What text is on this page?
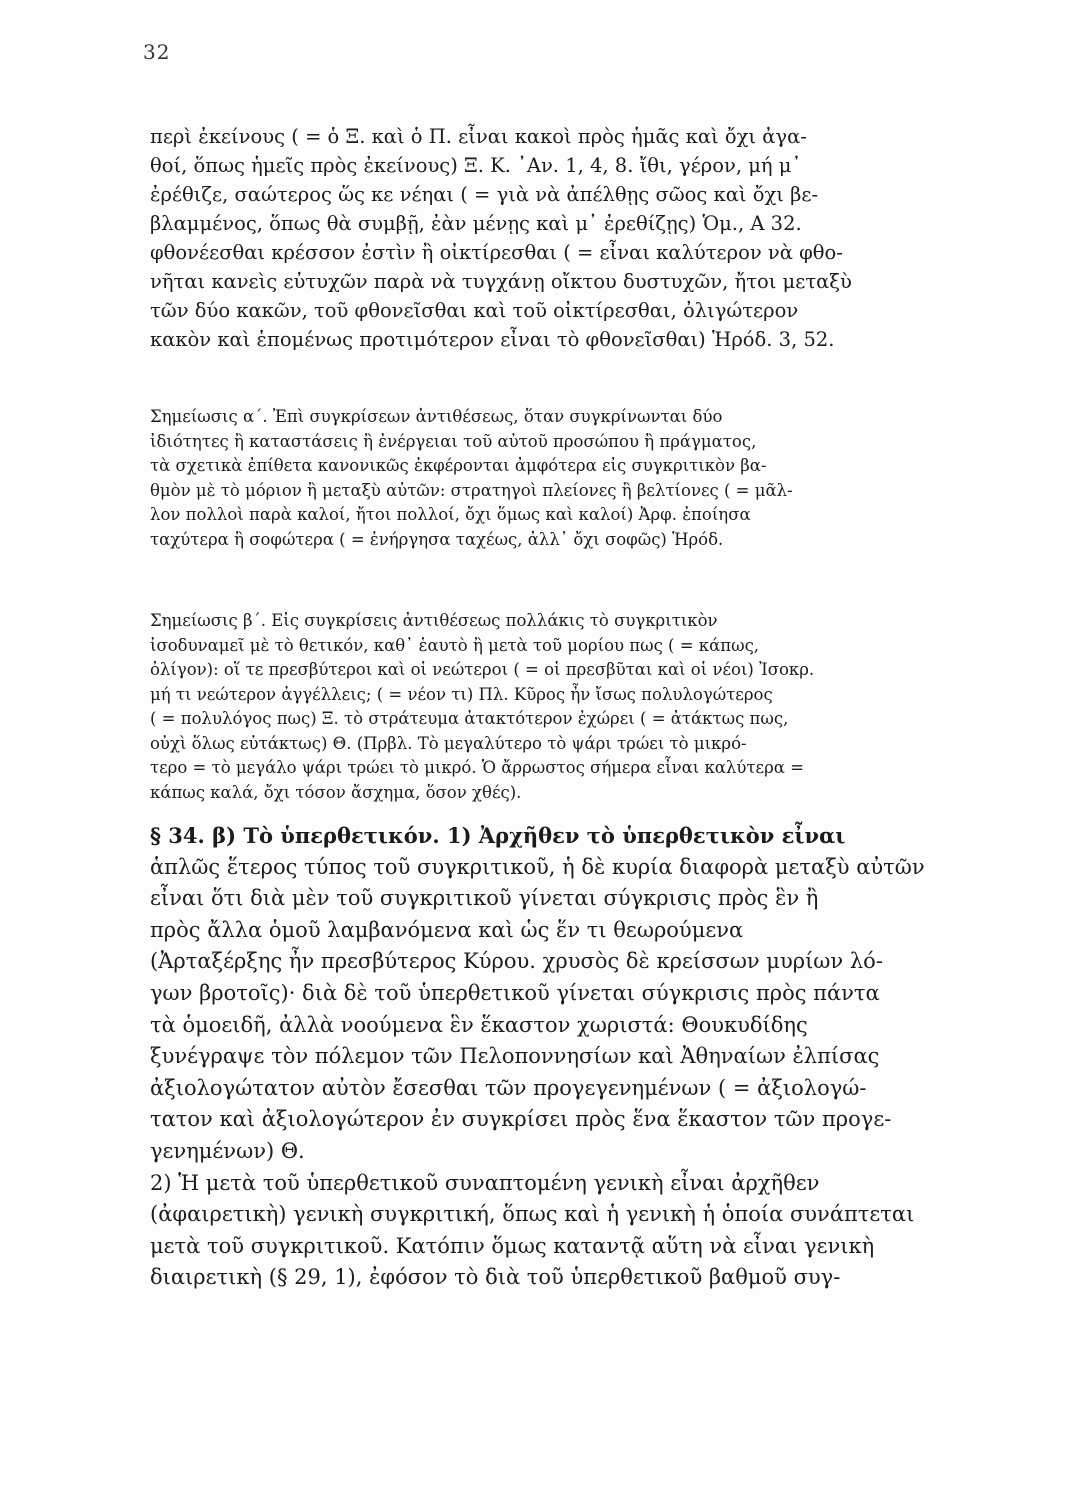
32
περὶ ἐκείνους ( = ὁ Ξ. καὶ ὁ Π. εἶναι κακοὶ πρὸς ἡμᾶς καὶ ὄχι ἀγα-
θοί, ὅπως ἡμεῖς πρὸς ἐκείνους) Ξ. Κ. ᾿Αν. 1, 4, 8. ἴθι, γέρον, μή μ᾽
ἐρέθιζε, σαώτερος ὥς κε νέηαι ( = γιὰ νὰ ἀπέλθῃς σῶος καὶ ὄχι βε-
βλαμμένος, ὅπως θὰ συμβῇ, ἐὰν μένῃς καὶ μ᾽ ἐρεθίζῃς) Ὁμ., Α 32.
φθονέεσθαι κρέσσον ἐστὶν ἢ οἰκτίρεσθαι ( = εἶναι καλύτερον νὰ φθο-
νῆται κανεὶς εὐτυχῶν παρὰ νὰ τυγχάνῃ οἴκτου δυστυχῶν, ἤτοι μεταξὺ
τῶν δύο κακῶν, τοῦ φθονεῖσθαι καὶ τοῦ οἰκτίρεσθαι, ὀλιγώτερον
κακὸν καὶ ἑπομένως προτιμότερον εἶναι τὸ φθονεῖσθαι) Ἡρόδ. 3, 52.
Σημείωσις α΄. Ἐπὶ συγκρίσεων ἀντιθέσεως, ὅταν συγκρίνωνται δύο
ἰδιότητες ἢ καταστάσεις ἢ ἐνέργειαι τοῦ αὐτοῦ προσώπου ἢ πράγματος,
τὰ σχετικὰ ἐπίθετα κανονικῶς ἐκφέρονται ἀμφότερα εἰς συγκριτικὸν βα-
θμὸν μὲ τὸ μόριον ἢ μεταξὺ αὐτῶν: στρατηγοὶ πλείονες ἢ βελτίονες ( = μᾶλ-
λον πολλοὶ παρὰ καλοί, ἤτοι πολλοί, ὄχι ὅμως καὶ καλοί) Ἀρφ. ἐποίησα
ταχύτερα ἢ σοφώτερα ( = ἐνήργησα ταχέως, ἀλλ᾽ ὄχι σοφῶς) Ἡρόδ.
Σημείωσις β΄. Εἰς συγκρίσεις ἀντιθέσεως πολλάκις τὸ συγκριτικὸν
ἰσοδυναμεῖ μὲ τὸ θετικόν, καθ᾽ ἑαυτὸ ἢ μετὰ τοῦ μορίου πως ( = κάπως,
ὀλίγον): οἵ τε πρεσβύτεροι καὶ οἱ νεώτεροι ( = οἱ πρεσβῦται καὶ οἱ νέοι) Ἰσοκρ.
μή τι νεώτερον ἀγγέλλεις; ( = νέον τι) Πλ. Κῦρος ἦν ἴσως πολυλογώτερος
( = πολυλόγος πως) Ξ. τὸ στράτευμα ἀτακτότερον ἐχώρει ( = ἀτάκτως πως,
οὐχὶ ὅλως εὐτάκτως) Θ. (Πρβλ. Τὸ μεγαλύτερο τὸ ψάρι τρώει τὸ μικρό-
τερο = τὸ μεγάλο ψάρι τρώει τὸ μικρό. Ὁ ἄρρωστος σήμερα εἶναι καλύτερα =
κάπως καλά, ὄχι τόσον ἄσχημα, ὅσον χθές).
§ 34. β) Τὸ ὑπερθετικόν. 1) Ἀρχῆθεν τὸ ὑπερθετικὸν εἶναι
ἁπλῶς ἕτερος τύπος τοῦ συγκριτικοῦ, ἡ δὲ κυρία διαφορὰ μεταξὺ αὐτῶν
εἶναι ὅτι διὰ μὲν τοῦ συγκριτικοῦ γίνεται σύγκρισις πρὸς ἓν ἢ
πρὸς ἄλλα ὁμοῦ λαμβανόμενα καὶ ὡς ἕν τι θεωρούμενα
(Ἀρταξέρξης ἦν πρεσβύτερος Κύρου. χρυσὸς δὲ κρείσσων μυρίων λό-
γων βροτοῖς)· διὰ δὲ τοῦ ὑπερθετικοῦ γίνεται σύγκρισις πρὸς πάντα
τὰ ὁμοειδῆ, ἀλλὰ νοούμενα ἓν ἕκαστον χωριστά: Θουκυδίδης
ξυνέγραψε τὸν πόλεμον τῶν Πελοποννησίων καὶ Ἀθηναίων ἐλπίσας
ἀξιολογώτατον αὐτὸν ἔσεσθαι τῶν προγεγενημένων ( = ἀξιολογώ-
τατον καὶ ἀξιολογώτερον ἐν συγκρίσει πρὸς ἕνα ἕκαστον τῶν προγε-
γενημένων) Θ.
2) Ἡ μετὰ τοῦ ὑπερθετικοῦ συναπτομένη γενικὴ εἶναι ἀρχῆθεν
(ἀφαιρετικὴ) γενικὴ συγκριτική, ὅπως καὶ ἡ γενικὴ ἡ ὁποία συνάπτεται
μετὰ τοῦ συγκριτικοῦ. Κατόπιν ὅμως καταντᾷ αὕτη νὰ εἶναι γενικὴ
διαιρετικὴ (§ 29, 1), ἐφόσον τὸ διὰ τοῦ ὑπερθετικοῦ βαθμοῦ συγ-
